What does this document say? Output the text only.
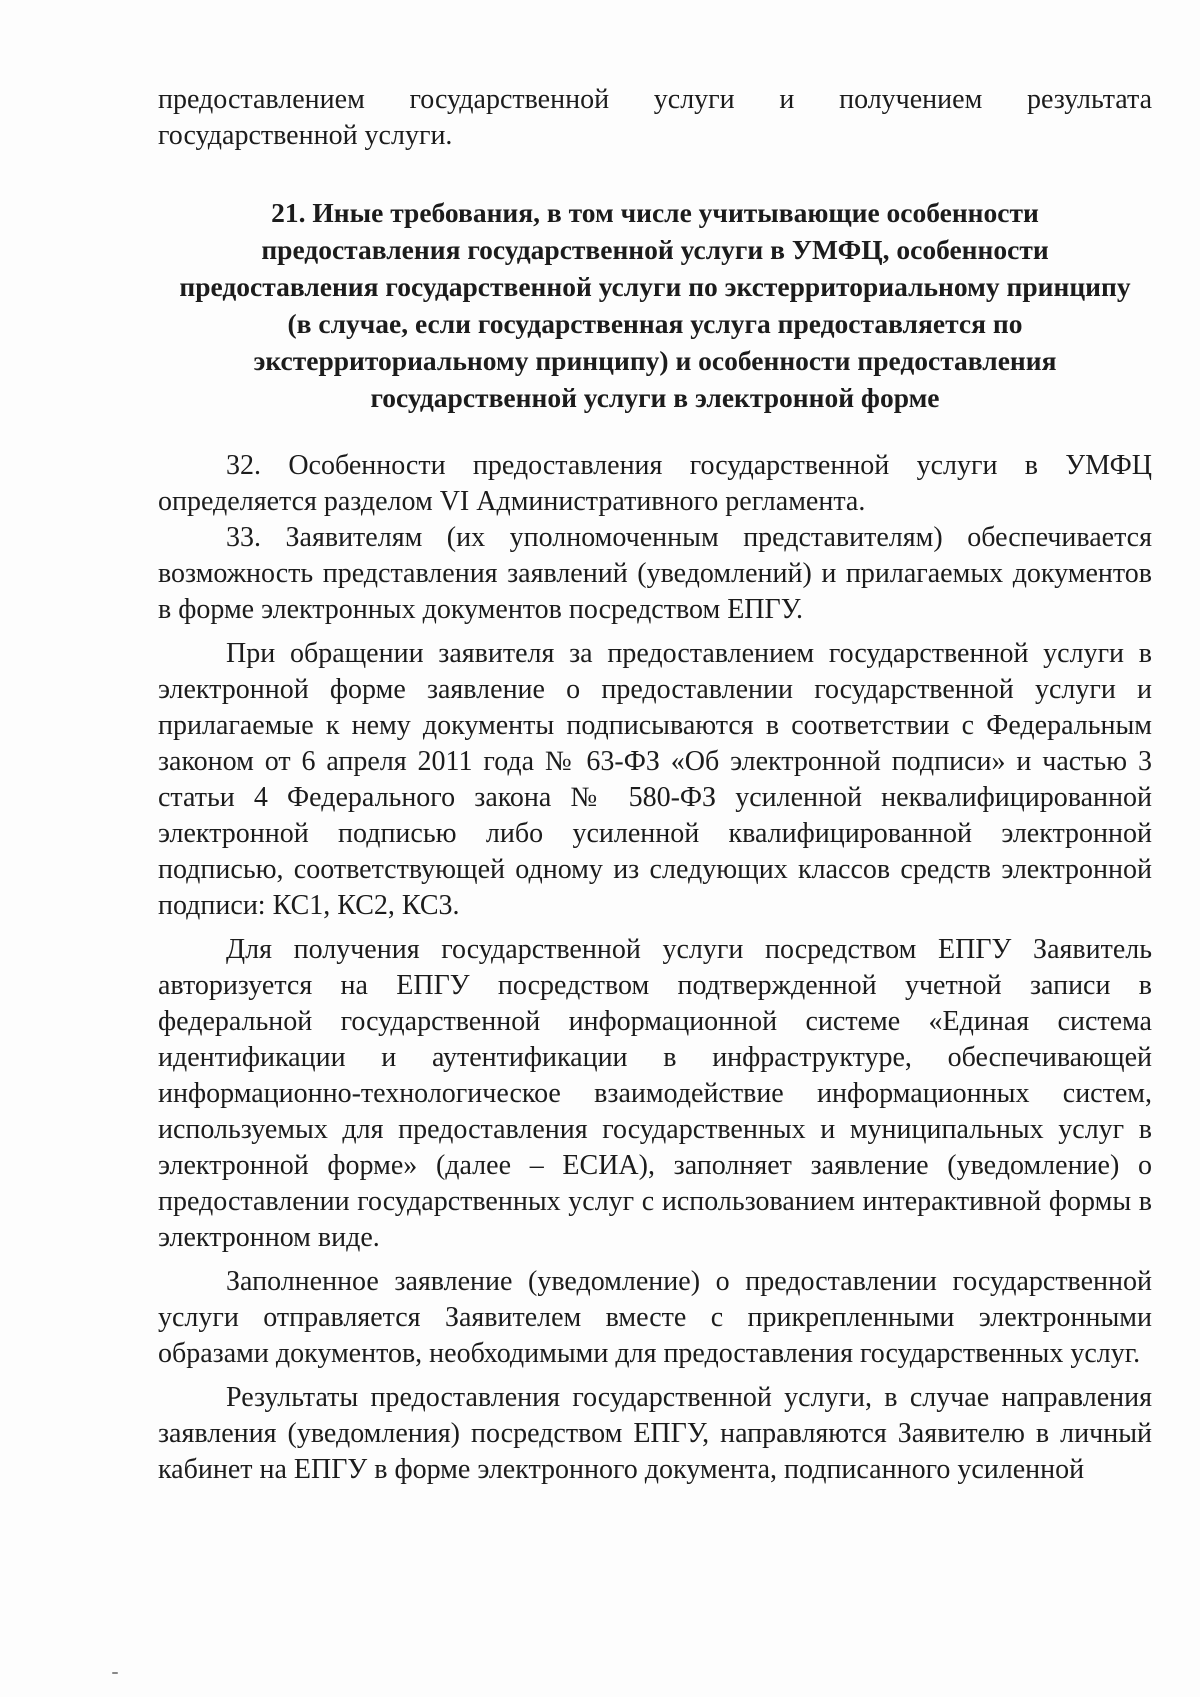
предоставлением государственной услуги и получением результата государственной услуги.

21. Иные требования, в том числе учитывающие особенности
предоставления государственной услуги в УМФЦ, особенности
предоставления государственной услуги по экстерриториальному принципу
(в случае, если государственная услуга предоставляется по
экстерриториальному принципу) и особенности предоставления
государственной услуги в электронной форме

32. Особенности предоставления государственной услуги в УМФЦ определяется разделом VI Административного регламента.

33. Заявителям (их уполномоченным представителям) обеспечивается возможность представления заявлений (уведомлений) и прилагаемых документов в форме электронных документов посредством ЕПГУ.

При обращении заявителя за предоставлением государственной услуги в электронной форме заявление о предоставлении государственной услуги и прилагаемые к нему документы подписываются в соответствии с Федеральным законом от 6 апреля 2011 года № 63-ФЗ «Об электронной подписи» и частью 3 статьи 4 Федерального закона № 580-ФЗ усиленной неквалифицированной электронной подписью либо усиленной квалифицированной электронной подписью, соответствующей одному из следующих классов средств электронной подписи: КС1, КС2, КС3.

Для получения государственной услуги посредством ЕПГУ Заявитель авторизуется на ЕПГУ посредством подтвержденной учетной записи в федеральной государственной информационной системе «Единая система идентификации и аутентификации в инфраструктуре, обеспечивающей информационно-технологическое взаимодействие информационных систем, используемых для предоставления государственных и муниципальных услуг в электронной форме» (далее – ЕСИА), заполняет заявление (уведомление) о предоставлении государственных услуг с использованием интерактивной формы в электронном виде.

Заполненное заявление (уведомление) о предоставлении государственной услуги отправляется Заявителем вместе с прикрепленными электронными образами документов, необходимыми для предоставления государственных услуг.

Результаты предоставления государственной услуги, в случае направления заявления (уведомления) посредством ЕПГУ, направляются Заявителю в личный кабинет на ЕПГУ в форме электронного документа, подписанного усиленной
